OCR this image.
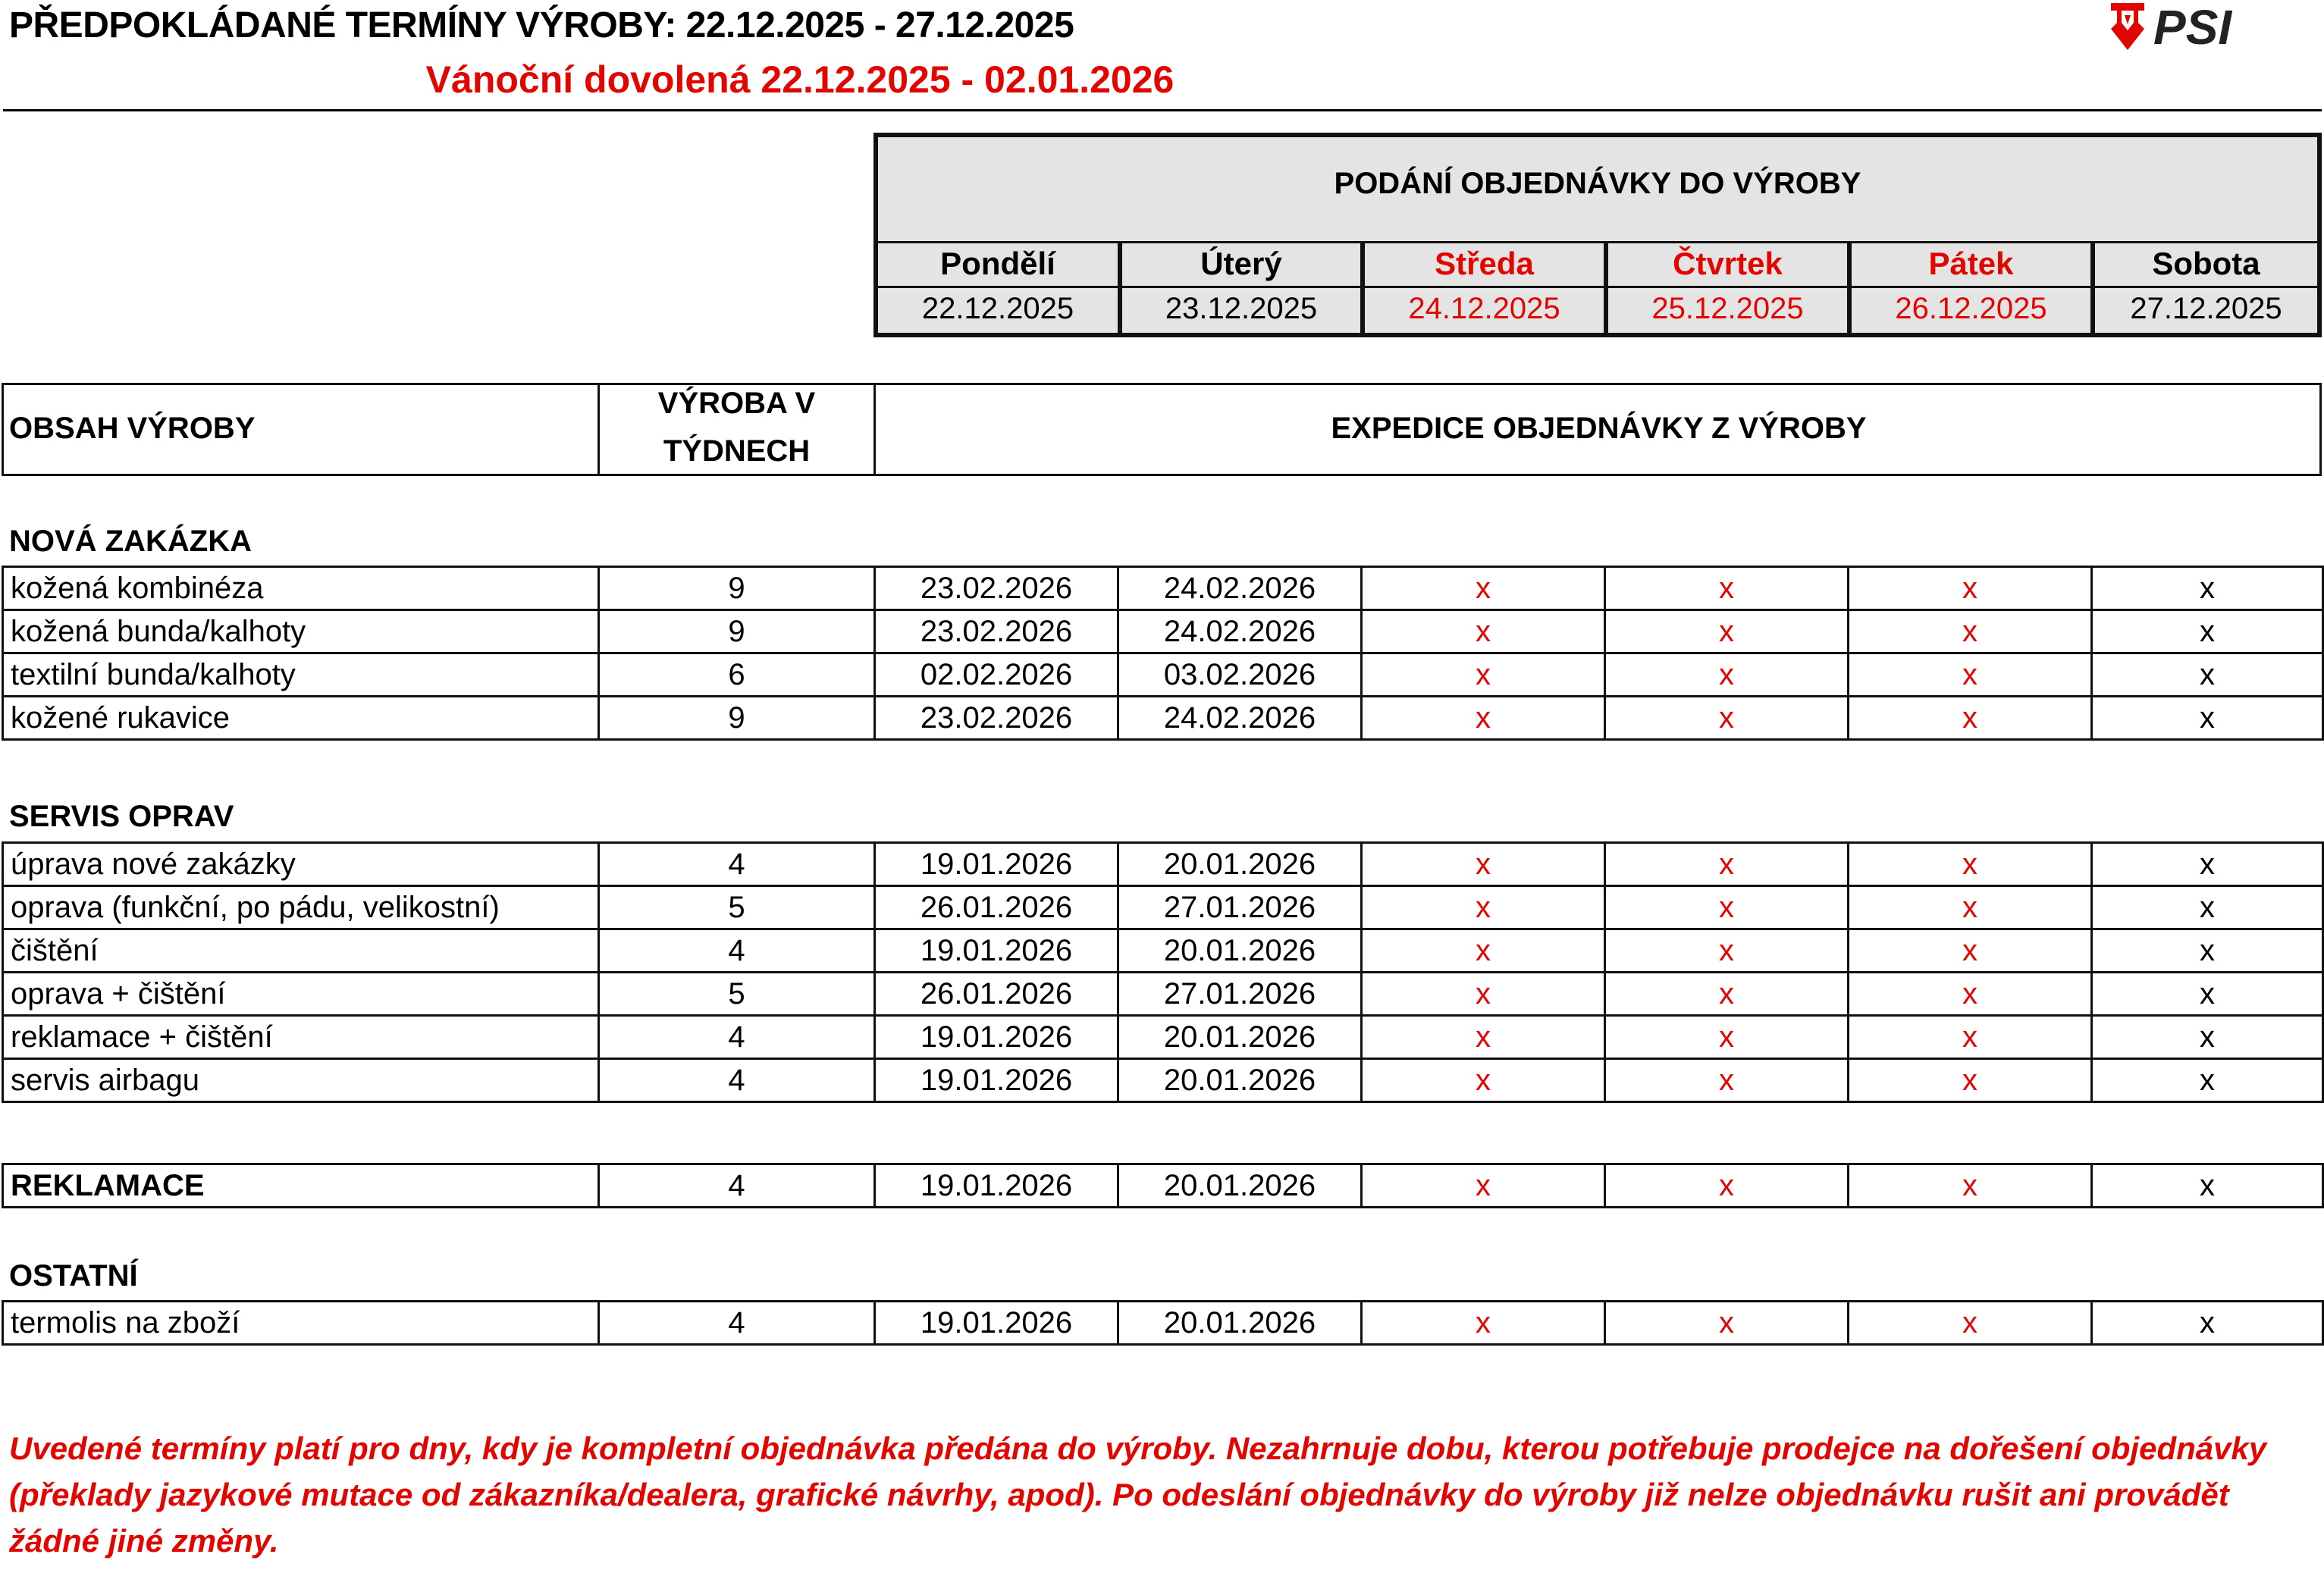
PŘEDPOKLÁDANÉ TERMÍNY VÝROBY: 22.12.2025 - 27.12.2025
Vánoční dovolená 22.12.2025 - 02.01.2026
PSI
PODÁNÍ OBJEDNÁVKY DO VÝROBY
Pondělí	Úterý	Středa	Čtvrtek	Pátek	Sobota
22.12.2025	23.12.2025	24.12.2025	25.12.2025	26.12.2025	27.12.2025
OBSAH VÝROBY
VÝROBA V
TÝDNECH
EXPEDICE OBJEDNÁVKY Z VÝROBY
NOVÁ ZAKÁZKA
kožená kombinéza	9	23.02.2026	24.02.2026	x	x	x	x
kožená bunda/kalhoty	9	23.02.2026	24.02.2026	x	x	x	x
textilní bunda/kalhoty	6	02.02.2026	03.02.2026	x	x	x	x
kožené rukavice	9	23.02.2026	24.02.2026	x	x	x	x
SERVIS OPRAV
úprava nové zakázky	4	19.01.2026	20.01.2026	x	x	x	x
oprava (funkční, po pádu, velikostní)	5	26.01.2026	27.01.2026	x	x	x	x
čištění	4	19.01.2026	20.01.2026	x	x	x	x
oprava + čištění	5	26.01.2026	27.01.2026	x	x	x	x
reklamace + čištění	4	19.01.2026	20.01.2026	x	x	x	x
servis airbagu	4	19.01.2026	20.01.2026	x	x	x	x
REKLAMACE	4	19.01.2026	20.01.2026	x	x	x	x
OSTATNÍ
termolis na zboží	4	19.01.2026	20.01.2026	x	x	x	x
Uvedené termíny platí pro dny, kdy je kompletní objednávka předána do výroby. Nezahrnuje dobu, kterou potřebuje prodejce na dořešení objednávky (překlady jazykové mutace od zákazníka/dealera, grafické návrhy, apod). Po odeslání objednávky do výroby již nelze objednávku rušit ani provádět žádné jiné změny.
